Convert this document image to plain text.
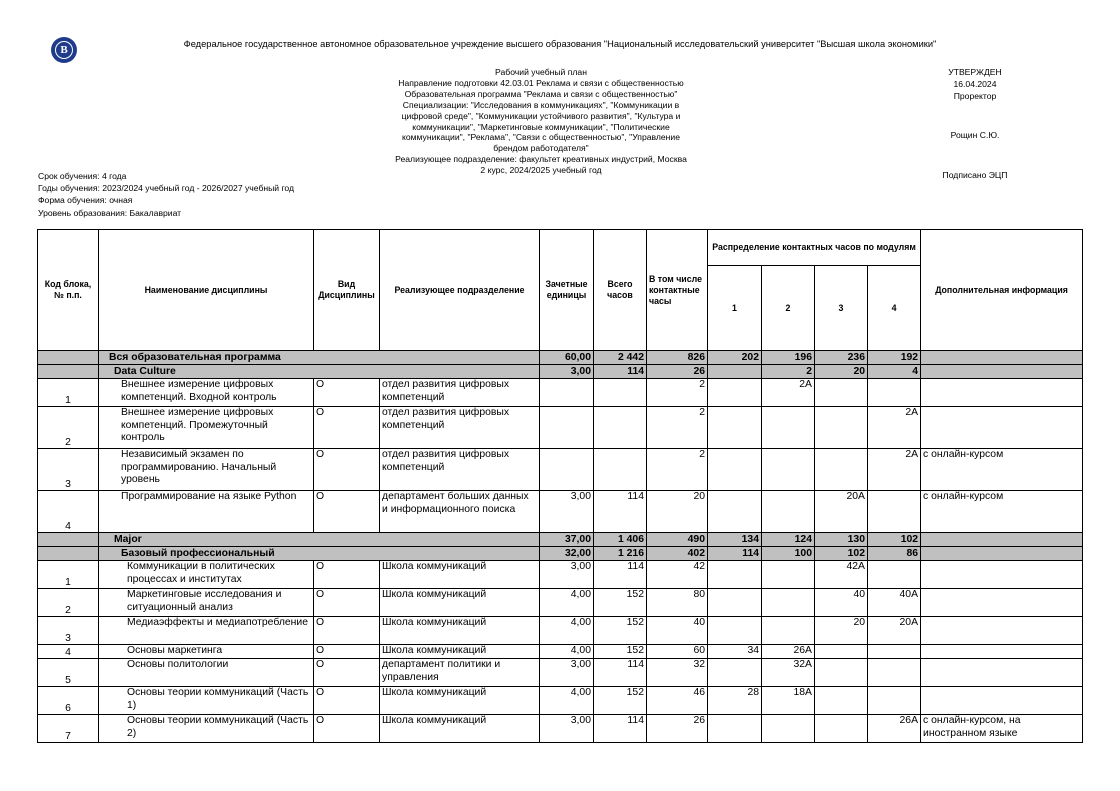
В	Федеральное государственное автономное образовательное учреждение высшего образования "Национальный исследовательский университет "Высшая школа экономики"
Рабочий учебный план
Направление подготовки 42.03.01 Реклама и связи с общественностью
Образовательная программа "Реклама и связи с общественностью"
Специализации: "Исследования в коммуникациях", "Коммуникации в
цифровой среде", "Коммуникации устойчивого развития", "Культура и
коммуникации", "Маркетинговые коммуникации", "Политические
коммуникации", "Реклама", "Связи с общественностью", "Управление
брендом работодателя"
Реализующее подразделение: факультет креативных индустрий, Москва
2 курс, 2024/2025 учебный год
УТВЕРЖДЕН
16.04.2024
Проректор
Рощин С.Ю.
Подписано ЭЦП
Срок обучения: 4 года
Годы обучения: 2023/2024 учебный год - 2026/2027 учебный год
Форма обучения: очная
Уровень образования: Бакалавриат
Код блока, № п.п.	Наименование дисциплины	Вид Дисциплины	Реализующее подразделение	Зачетные единицы	Всего часов	В том числе контактные часы	Распределение контактных часов по модулям				Дополнительная информация
							1	2	3	4	
	Вся образовательная программа			60,00	2 442	826	202	196	236	192	
	Data Culture			3,00	114	26		2	20	4	
1	Внешнее измерение цифровых компетенций. Входной контроль	О	отдел развития цифровых компетенций			2		2А			
2	Внешнее измерение цифровых компетенций. Промежуточный контроль	О	отдел развития цифровых компетенций			2				2А	
3	Независимый экзамен по программированию. Начальный уровень	О	отдел развития цифровых компетенций			2				2А	с онлайн-курсом
4	Программирование на языке Python	О	департамент больших данных и информационного поиска	3,00	114	20			20А		с онлайн-курсом
	Major			37,00	1 406	490	134	124	130	102	
	Базовый профессиональный			32,00	1 216	402	114	100	102	86	
1	Коммуникации в политических процессах и институтах	О	Школа коммуникаций	3,00	114	42			42А		
2	Маркетинговые исследования и ситуационный анализ	О	Школа коммуникаций	4,00	152	80			40	40А	
3	Медиаэффекты и медиапотребление	О	Школа коммуникаций	4,00	152	40			20	20А	
4	Основы маркетинга	О	Школа коммуникаций	4,00	152	60	34	26А			
5	Основы политологии	О	департамент политики и управления	3,00	114	32		32А			
6	Основы теории коммуникаций (Часть 1)	О	Школа коммуникаций	4,00	152	46	28	18А			
7	Основы теории коммуникаций (Часть 2)	О	Школа коммуникаций	3,00	114	26				26А	с онлайн-курсом, на иностранном языке
